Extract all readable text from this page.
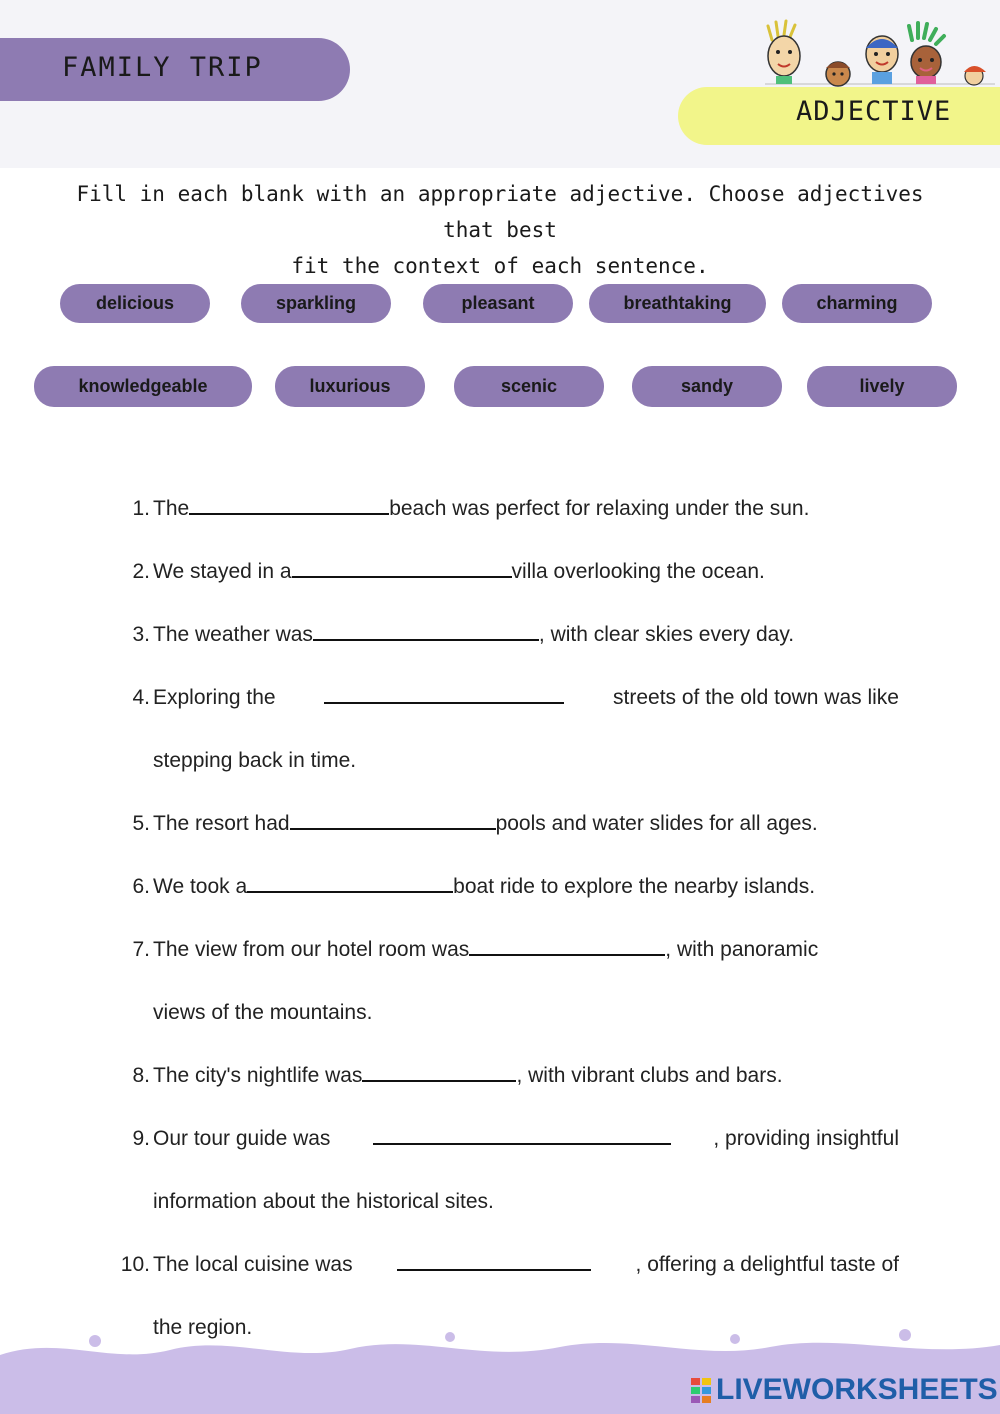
FAMILY TRIP
ADJECTIVE
Fill in each blank with an appropriate adjective. Choose adjectives that best
fit the context of each sentence.
delicious	sparkling	pleasant	breathtaking	charming
knowledgeable	luxurious	scenic	sandy	lively
1. The	beach was perfect for relaxing under the sun.
2. We stayed in a	villa overlooking the ocean.
3. The weather was	, with clear skies every day.
4. Exploring the	streets of the old town was like
stepping back in time.
5. The resort had	pools and water slides for all ages.
6. We took a	boat ride to explore the nearby islands.
7. The view from our hotel room was	, with panoramic
views of the mountains.
8. The city's nightlife was	, with vibrant clubs and bars.
9. Our tour guide was	, providing insightful
information about the historical sites.
10. The local cuisine was	, offering a delightful taste of
the region.
LIVEWORKSHEETS
